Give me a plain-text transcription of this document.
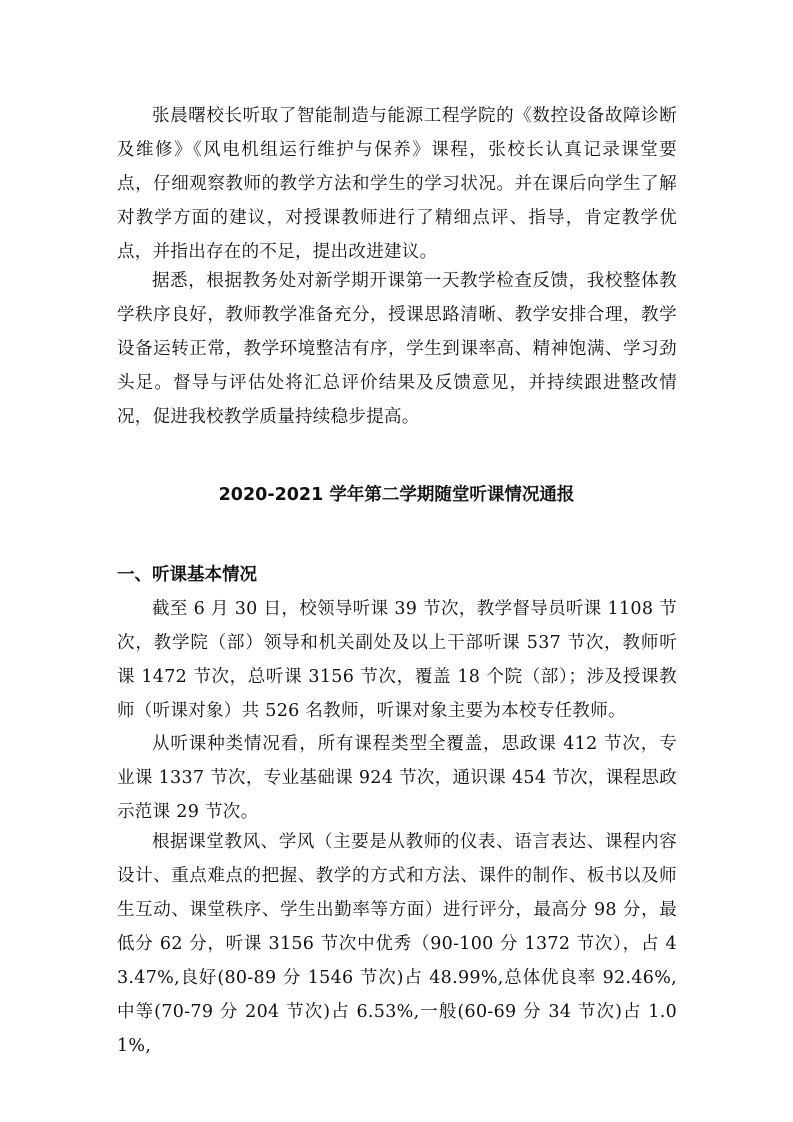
张晨曙校长听取了智能制造与能源工程学院的《数控设备故障诊断及维修》《风电机组运行维护与保养》课程，张校长认真记录课堂要点，仔细观察教师的教学方法和学生的学习状况。并在课后向学生了解对教学方面的建议，对授课教师进行了精细点评、指导，肯定教学优点，并指出存在的不足，提出改进建议。

据悉，根据教务处对新学期开课第一天教学检查反馈，我校整体教学秩序良好，教师教学准备充分，授课思路清晰、教学安排合理，教学设备运转正常，教学环境整洁有序，学生到课率高、精神饱满、学习劲头足。督导与评估处将汇总评价结果及反馈意见，并持续跟进整改情况，促进我校教学质量持续稳步提高。

2020-2021 学年第二学期随堂听课情况通报
一、听课基本情况

截至 6 月 30 日，校领导听课 39 节次，教学督导员听课 1108 节次，教学院（部）领导和机关副处及以上干部听课 537 节次，教师听课 1472 节次，总听课 3156 节次，覆盖 18 个院（部）；涉及授课教师（听课对象）共 526 名教师，听课对象主要为本校专任教师。

从听课种类情况看，所有课程类型全覆盖，思政课 412 节次，专业课 1337 节次，专业基础课 924 节次，通识课 454 节次，课程思政示范课 29 节次。

根据课堂教风、学风（主要是从教师的仪表、语言表达、课程内容设计、重点难点的把握、教学的方式和方法、课件的制作、板书以及师生互动、课堂秩序、学生出勤率等方面）进行评分，最高分 98 分，最低分 62 分，听课 3156 节次中优秀（90-100 分 1372 节次），占 43.47%,良好(80-89 分 1546 节次)占 48.99%,总体优良率 92.46%,中等(70-79 分 204 节次)占 6.53%,一般(60-69 分 34 节次)占 1.01%,
